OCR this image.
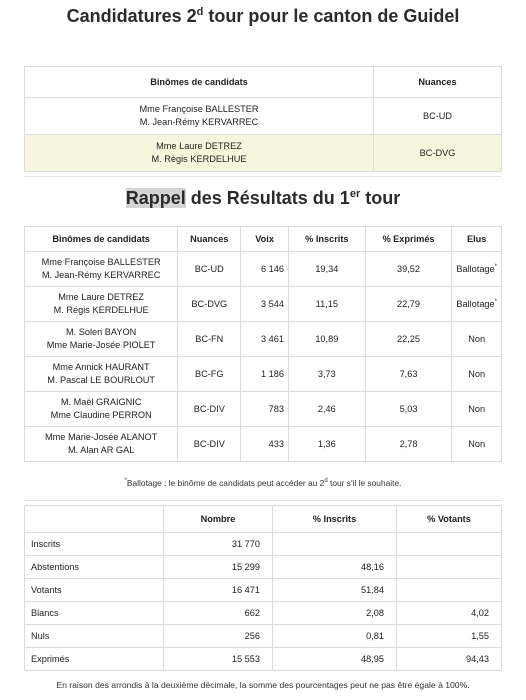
Candidatures 2$^d$ tour pour le canton de Guidel
Binômes de candidats	Nuances

Mme Françoise BALLESTER
M. Jean-Rémy KERVARREC	BC-UD

Mme Laure DETREZ
M. Régis KERDELHUE	BC-DVG
Rappel des Résultats du 1er tour
Binômes de candidats	Nuances	Voix	% Inscrits	% Exprimés	Elus

Mme Françoise BALLESTER
M. Jean-Rémy KERVARREC	BC-UD	6 146	19,34	39,52	Ballotage*

Mme Laure DETREZ
M. Régis KERDELHUE	BC-DVG	3 544	11,15	22,79	Ballotage*

M. Solen BAYON
Mme Marie-Josée PIOLET	BC-FN	3 461	10,89	22,25	Non

Mme Annick HAURANT
M. Pascal LE BOURLOUT	BC-FG	1 186	3,73	7,63	Non

M. Maël GRAIGNIC
Mme Claudine PERRON	BC-DIV	783	2,46	5,03	Non

Mme Marie-Josée ALANOT
M. Alan AR GAL	BC-DIV	433	1,36	2,78	Non
*Ballotage : le binôme de candidats peut accéder au 2$^d$ tour s'il le souhaite.
	Nombre	% Inscrits	% Votants
Inscrits	31 770		
Abstentions	15 299	48,16	
Votants	16 471	51,84	
Blancs	662	2,08	4,02
Nuls	256	0,81	1,55
Exprimés	15 553	48,95	94,43
En raison des arrondis à la deuxième décimale, la somme des pourcentages peut ne pas être égale à 100%.
